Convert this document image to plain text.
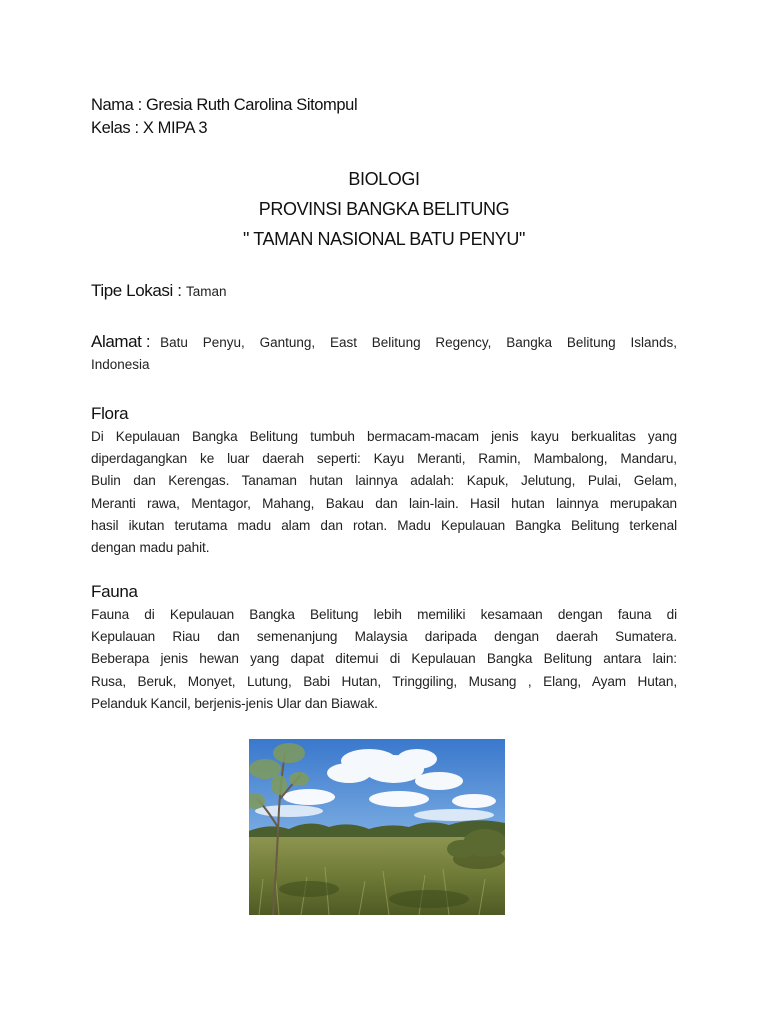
Nama : Gresia Ruth Carolina Sitompul
Kelas : X MIPA 3
BIOLOGI
PROVINSI BANGKA BELITUNG
" TAMAN NASIONAL BATU PENYU"
Tipe Lokasi : Taman
Alamat : Batu Penyu, Gantung, East Belitung Regency, Bangka Belitung Islands,
Indonesia
Flora
Di Kepulauan Bangka Belitung tumbuh bermacam-macam jenis kayu berkualitas yang
diperdagangkan ke luar daerah seperti: Kayu Meranti, Ramin, Mambalong, Mandaru,
Bulin dan Kerengas. Tanaman hutan lainnya adalah: Kapuk, Jelutung, Pulai, Gelam,
Meranti rawa, Mentagor, Mahang, Bakau dan lain-lain. Hasil hutan lainnya merupakan
hasil ikutan terutama madu alam dan rotan. Madu Kepulauan Bangka Belitung terkenal
dengan madu pahit.
Fauna
Fauna di Kepulauan Bangka Belitung lebih memiliki kesamaan dengan fauna di
Kepulauan Riau dan semenanjung Malaysia daripada dengan daerah Sumatera.
Beberapa jenis hewan yang dapat ditemui di Kepulauan Bangka Belitung antara lain:
Rusa, Beruk, Monyet, Lutung, Babi Hutan, Tringgiling, Musang , Elang, Ayam Hutan,
Pelanduk Kancil, berjenis-jenis Ular dan Biawak.
